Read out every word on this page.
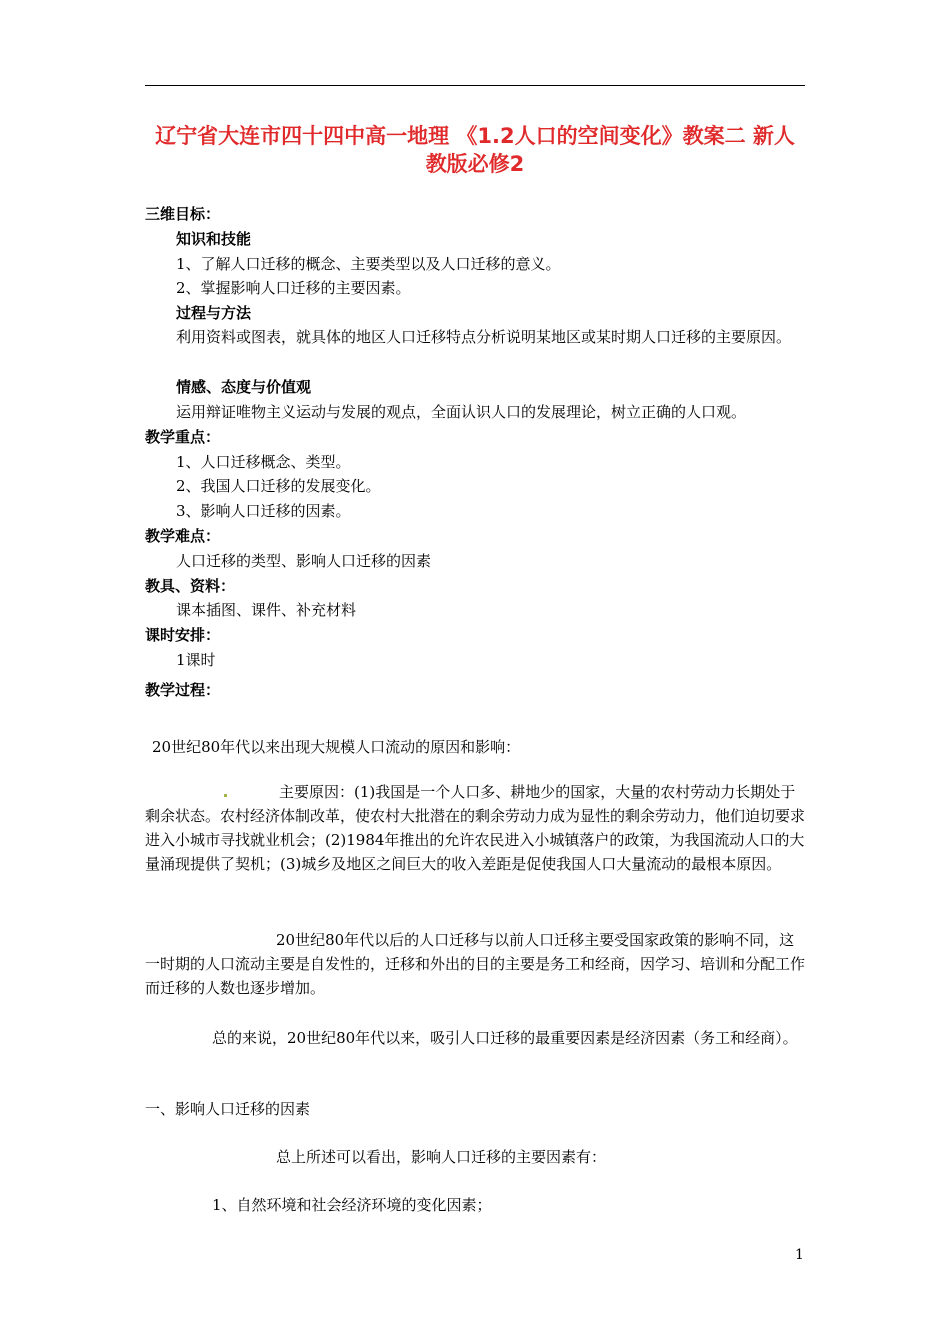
辽宁省大连市四十四中高一地理 《1.2人口的空间变化》教案二 新人教版必修2
三维目标：
知识和技能
1、了解人口迁移的概念、主要类型以及人口迁移的意义。
2、掌握影响人口迁移的主要因素。
过程与方法
利用资料或图表，就具体的地区人口迁移特点分析说明某地区或某时期人口迁移的主要原因。
情感、态度与价值观
运用辩证唯物主义运动与发展的观点，全面认识人口的发展理论，树立正确的人口观。
教学重点：
1、人口迁移概念、类型。
2、我国人口迁移的发展变化。
3、影响人口迁移的因素。
教学难点：
人口迁移的类型、影响人口迁移的因素
教具、资料：
课本插图、课件、补充材料
课时安排：
1课时
教学过程：
20世纪80年代以来出现大规模人口流动的原因和影响：
主要原因：(1)我国是一个人口多、耕地少的国家，大量的农村劳动力长期处于剩余状态。农村经济体制改革，使农村大批潜在的剩余劳动力成为显性的剩余劳动力，他们迫切要求进入小城市寻找就业机会；(2)1984年推出的允许农民进入小城镇落户的政策，为我国流动人口的大量涌现提供了契机；(3)城乡及地区之间巨大的收入差距是促使我国人口大量流动的最根本原因。
20世纪80年代以后的人口迁移与以前人口迁移主要受国家政策的影响不同，这一时期的人口流动主要是自发性的，迁移和外出的目的主要是务工和经商，因学习、培训和分配工作而迁移的人数也逐步增加。
总的来说，20世纪80年代以来，吸引人口迁移的最重要因素是经济因素（务工和经商）。
一、影响人口迁移的因素
总上所述可以看出，影响人口迁移的主要因素有：
1、自然环境和社会经济环境的变化因素；
1
